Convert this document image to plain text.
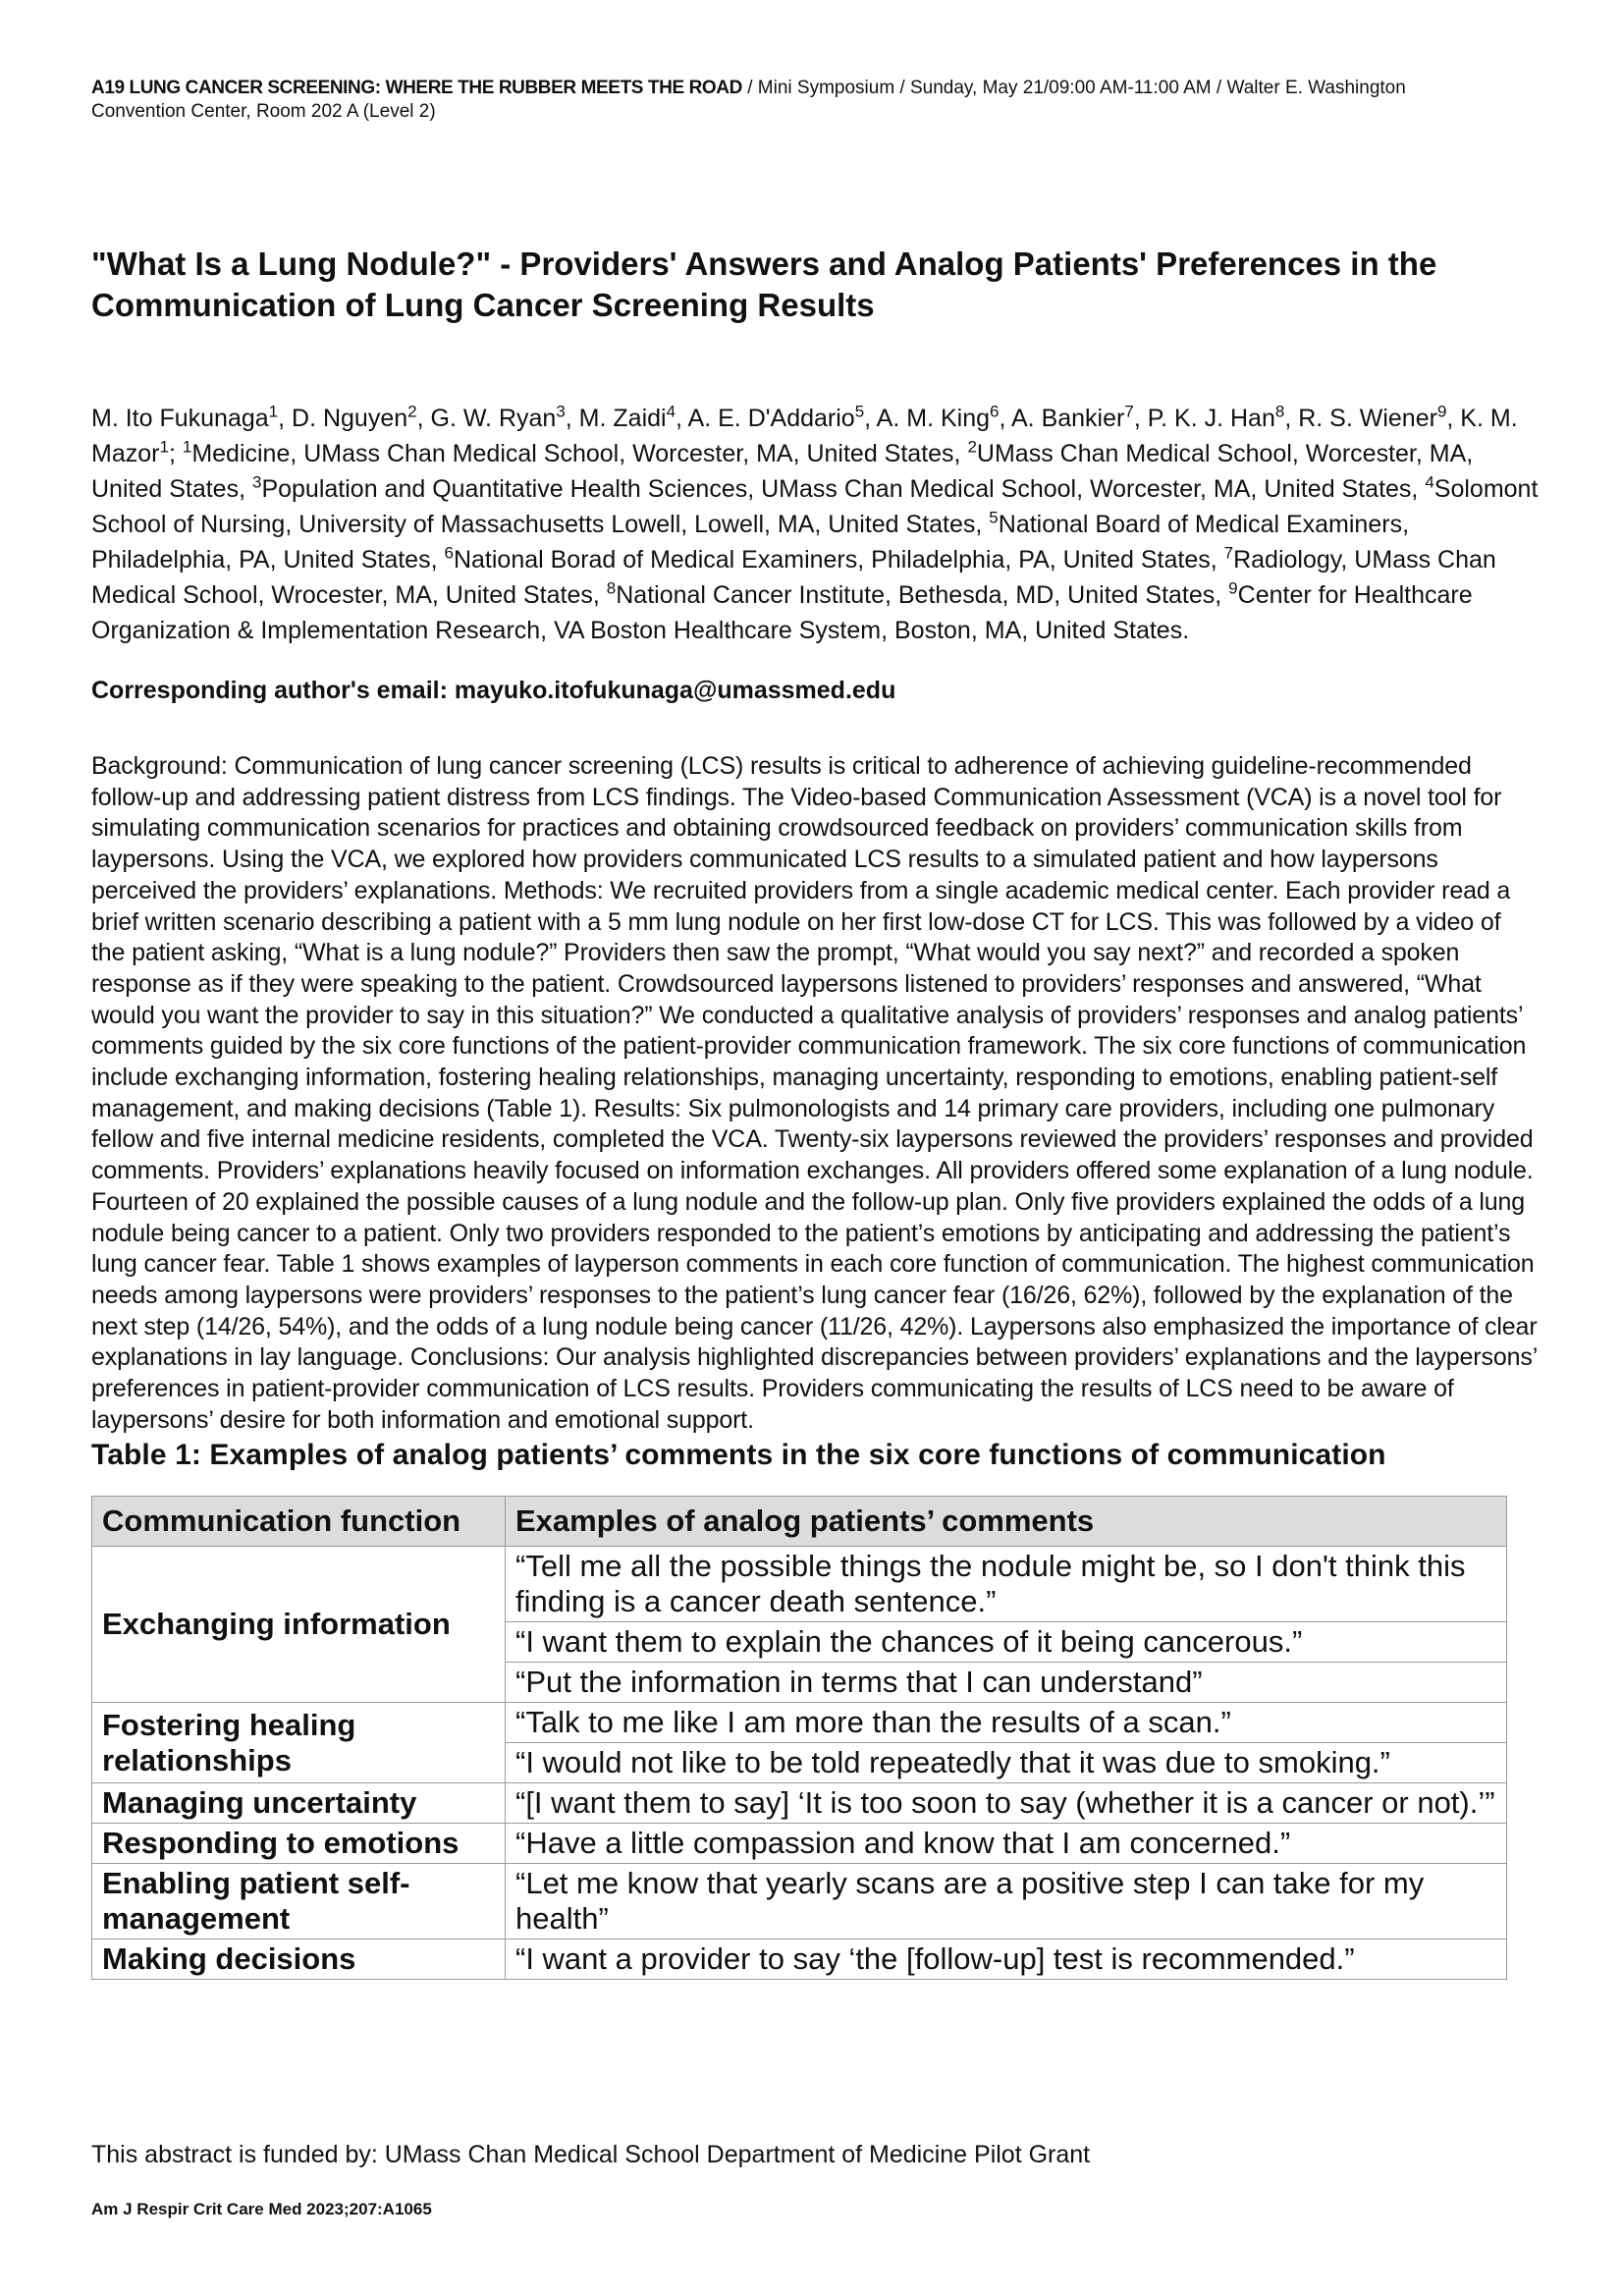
A19 LUNG CANCER SCREENING: WHERE THE RUBBER MEETS THE ROAD / Mini Symposium / Sunday, May 21/09:00 AM-11:00 AM / Walter E. Washington
Convention Center, Room 202 A (Level 2)

"What Is a Lung Nodule?" - Providers' Answers and Analog Patients' Preferences in the Communication of Lung Cancer Screening Results

M. Ito Fukunaga$^1$, D. Nguyen$^2$, G. W. Ryan$^3$, M. Zaidi$^4$, A. E. D'Addario$^5$, A. M. King$^6$, A. Bankier$^7$, P. K. J. Han$^8$, R. S. Wiener$^9$, K. M. Mazor$^1$; $^1$Medicine, UMass Chan Medical School, Worcester, MA, United States, $^2$UMass Chan Medical School, Worcester, MA, United States, $^3$Population and Quantitative Health Sciences, UMass Chan Medical School, Worcester, MA, United States, $^4$Solomont School of Nursing, University of Massachusetts Lowell, Lowell, MA, United States, $^5$National Board of Medical Examiners, Philadelphia, PA, United States, $^6$National Borad of Medical Examiners, Philadelphia, PA, United States, $^7$Radiology, UMass Chan Medical School, Wrocester, MA, United States, $^8$National Cancer Institute, Bethesda, MD, United States, $^9$Center for Healthcare Organization & Implementation Research, VA Boston Healthcare System, Boston, MA, United States.

Corresponding author's email: mayuko.itofukunaga@umassmed.edu

Background: Communication of lung cancer screening (LCS) results is critical to adherence of achieving guideline-recommended follow-up and addressing patient distress from LCS findings. The Video-based Communication Assessment (VCA) is a novel tool for simulating communication scenarios for practices and obtaining crowdsourced feedback on providers’ communication skills from laypersons. Using the VCA, we explored how providers communicated LCS results to a simulated patient and how laypersons perceived the providers’ explanations. Methods: We recruited providers from a single academic medical center. Each provider read a brief written scenario describing a patient with a 5 mm lung nodule on her first low-dose CT for LCS. This was followed by a video of the patient asking, “What is a lung nodule?” Providers then saw the prompt, “What would you say next?” and recorded a spoken response as if they were speaking to the patient. Crowdsourced laypersons listened to providers’ responses and answered, “What would you want the provider to say in this situation?” We conducted a qualitative analysis of providers’ responses and analog patients’ comments guided by the six core functions of the patient-provider communication framework. The six core functions of communication include exchanging information, fostering healing relationships, managing uncertainty, responding to emotions, enabling patient-self management, and making decisions (Table 1). Results: Six pulmonologists and 14 primary care providers, including one pulmonary fellow and five internal medicine residents, completed the VCA. Twenty-six laypersons reviewed the providers’ responses and provided comments. Providers’ explanations heavily focused on information exchanges. All providers offered some explanation of a lung nodule. Fourteen of 20 explained the possible causes of a lung nodule and the follow-up plan. Only five providers explained the odds of a lung nodule being cancer to a patient. Only two providers responded to the patient’s emotions by anticipating and addressing the patient’s lung cancer fear. Table 1 shows examples of layperson comments in each core function of communication. The highest communication needs among laypersons were providers’ responses to the patient’s lung cancer fear (16/26, 62%), followed by the explanation of the next step (14/26, 54%), and the odds of a lung nodule being cancer (11/26, 42%). Laypersons also emphasized the importance of clear explanations in lay language. Conclusions: Our analysis highlighted discrepancies between providers’ explanations and the laypersons’ preferences in patient-provider communication of LCS results. Providers communicating the results of LCS need to be aware of laypersons’ desire for both information and emotional support.

Table 1: Examples of analog patients’ comments in the six core functions of communication

Communication function	Examples of analog patients’ comments
Exchanging information	“Tell me all the possible things the nodule might be, so I don't think this finding is a cancer death sentence.”
	“I want them to explain the chances of it being cancerous.”
	“Put the information in terms that I can understand”
Fostering healing relationships	“Talk to me like I am more than the results of a scan.”
	“I would not like to be told repeatedly that it was due to smoking.”
Managing uncertainty	“[I want them to say] ‘It is too soon to say (whether it is a cancer or not).’”
Responding to emotions	“Have a little compassion and know that I am concerned.”
Enabling patient self-management	“Let me know that yearly scans are a positive step I can take for my health”
Making decisions	“I want a provider to say ‘the [follow-up] test is recommended.”

This abstract is funded by: UMass Chan Medical School Department of Medicine Pilot Grant

Am J Respir Crit Care Med 2023;207:A1065
